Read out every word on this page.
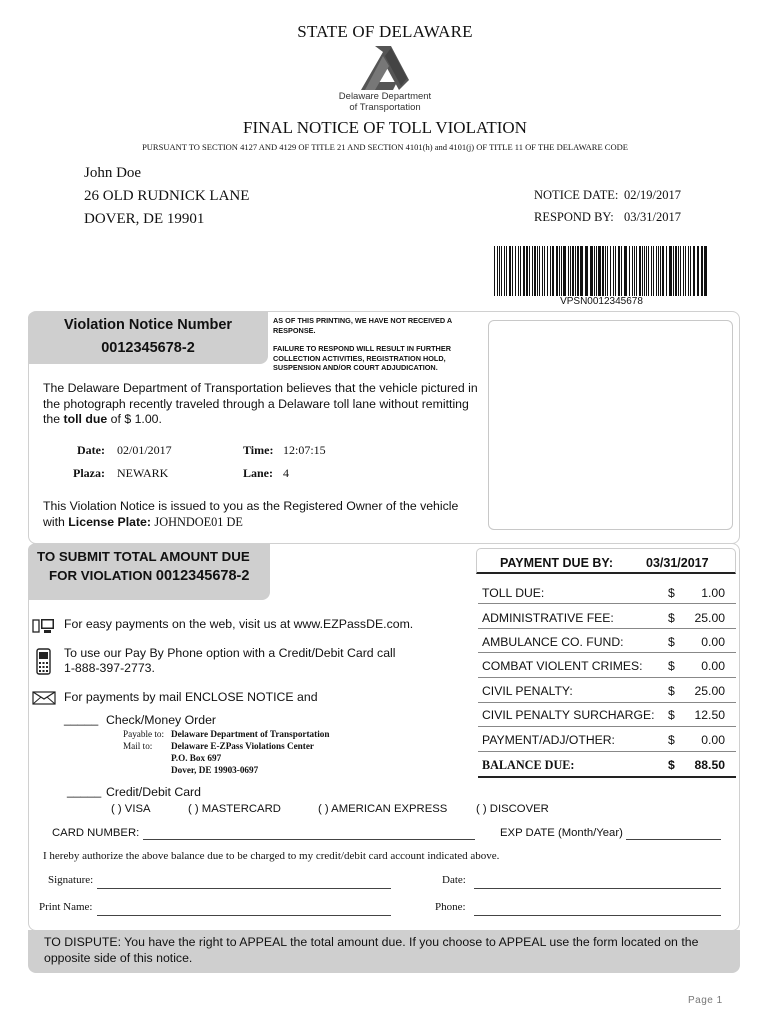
STATE OF DELAWARE
Delaware Department
of Transportation
FINAL NOTICE OF TOLL VIOLATION
PURSUANT TO SECTION 4127 AND 4129 OF TITLE 21 AND SECTION 4101(h) and 4101(j) OF TITLE 11 OF THE DELAWARE CODE
John Doe
26 OLD RUDNICK LANE
DOVER, DE 19901
NOTICE DATE: 02/19/2017
RESPOND BY: 03/31/2017
VPSN0012345678
Violation Notice Number
0012345678-2
AS OF THIS PRINTING, WE HAVE NOT RECEIVED A RESPONSE.
FAILURE TO RESPOND WILL RESULT IN FURTHER COLLECTION ACTIVITIES, REGISTRATION HOLD, SUSPENSION AND/OR COURT ADJUDICATION.
The Delaware Department of Transportation believes that the vehicle pictured in the photograph recently traveled through a Delaware toll lane without remitting the toll due of $ 1.00.
Date: 02/01/2017	Time: 12:07:15
Plaza: NEWARK	Lane: 4
This Violation Notice is issued to you as the Registered Owner of the vehicle with License Plate: JOHNDOE01 DE
TO SUBMIT TOTAL AMOUNT DUE
FOR VIOLATION 0012345678-2
PAYMENT DUE BY:	03/31/2017
TOLL DUE:	$	1.00
ADMINISTRATIVE FEE:	$	25.00
AMBULANCE CO. FUND:	$	0.00
COMBAT VIOLENT CRIMES: $	0.00
CIVIL PENALTY:	$	25.00
CIVIL PENALTY SURCHARGE: $	12.50
PAYMENT/ADJ/OTHER:	$	0.00
BALANCE DUE:	$	88.50
For easy payments on the web, visit us at www.EZPassDE.com.
To use our Pay By Phone option with a Credit/Debit Card call
1-888-397-2773.
For payments by mail ENCLOSE NOTICE and
_____ Check/Money Order
Payable to: Delaware Department of Transportation
Mail to: Delaware E-ZPass Violations Center
P.O. Box 697
Dover, DE 19903-0697
_____ Credit/Debit Card
( ) VISA	( ) MASTERCARD	( ) AMERICAN EXPRESS	( ) DISCOVER
CARD NUMBER:	EXP DATE (Month/Year)
I hereby authorize the above balance due to be charged to my credit/debit card account indicated above.
Signature:	Date:
Print Name:	Phone:
TO DISPUTE: You have the right to APPEAL the total amount due. If you choose to APPEAL use the form located on the opposite side of this notice.
Page 1
